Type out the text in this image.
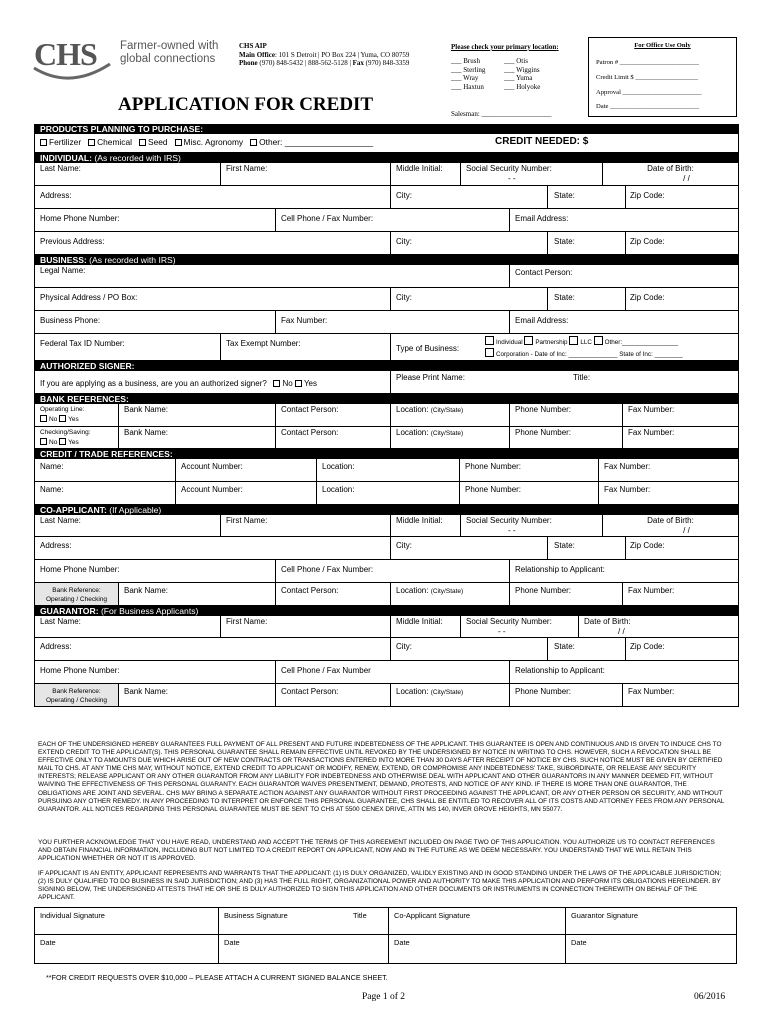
CHS Farmer-owned with
global connections
CHS AIP
Main Office: 101 S Detroit | PO Box 224 | Yuma, CO 80759
Phone (970) 848-5432 | 888-562-5128 | Fax (970) 848-3359
APPLICATION FOR CREDIT
Please check your primary location:
___ Brush
___ Sterling
___ Wray
___ Haxtun
___ Otis
___ Wiggins
___ Yuma
___ Holyoke
Salesman: ____________________
For Office Use Only
Patron # ________________________
Credit Limit $ ___________________
Approval ________________________
Date ___________________________
PRODUCTS PLANNING TO PURCHASE:
Fertilizer Chemical Seed Misc. Agronomy Other: ___________________	CREDIT NEEDED: $ ____________________________
INDIVIDUAL: (As recorded with IRS)
Last Name:	First Name:	Middle Initial:	Social Security Number:
- -
Date of Birth:
/ /
Address:	City:	State:	Zip Code:
Home Phone Number:	Cell Phone / Fax Number:	Email Address:
Previous Address:	City:	State:	Zip Code:
BUSINESS: (As recorded with IRS)
Legal Name:	Contact Person:
Physical Address / PO Box:	City:	State:	Zip Code:
Business Phone:	Fax Number:	Email Address:
Federal Tax ID Number:	Tax Exempt Number:
Type of Business:
Individual Partnership LLC Other:________________
Corporation - Date of Inc: ______________ State of Inc: ________
AUTHORIZED SIGNER:
If you are applying as a business, are you an authorized signer? No Yes
Please Print Name:	Title:
BANK REFERENCES:
Operating Line:
No Yes
Bank Name:	Contact Person:	Location: (City/State)	Phone Number:	Fax Number:
Checking/Saving:
No Yes
Bank Name:	Contact Person:	Location: (City/State)	Phone Number:	Fax Number:
CREDIT / TRADE REFERENCES:
Name:	Account Number:	Location:	Phone Number:	Fax Number:
Name:	Account Number:	Location:	Phone Number:	Fax Number:
CO-APPLICANT: (If Applicable)
Last Name:	First Name:	Middle Initial:	Social Security Number:
- -
Date of Birth:
/ /
Address:	City:	State:	Zip Code:
Home Phone Number:	Cell Phone / Fax Number:	Relationship to Applicant:
Bank Reference:
Operating / Checking
Bank Name:	Contact Person:	Location: (City/State)	Phone Number:	Fax Number:
GUARANTOR: (For Business Applicants)
Last Name:	First Name:	Middle Initial:	Social Security Number:
- -
Date of Birth:
/ /
Address:	City:	State:	Zip Code:
Home Phone Number:	Cell Phone / Fax Number	Relationship to Applicant:
Bank Reference:
Operating / Checking
Bank Name:	Contact Person:	Location: (City/State)	Phone Number:	Fax Number:
EACH OF THE UNDERSIGNED HEREBY GUARANTEES FULL PAYMENT OF ALL PRESENT AND FUTURE INDEBTEDNESS OF THE APPLICANT. THIS GUARANTEE IS OPEN AND CONTINUOUS AND IS GIVEN TO INDUCE CHS TO EXTEND CREDIT TO THE APPLICANT(S). THIS PERSONAL GUARANTEE SHALL REMAIN EFFECTIVE UNTIL REVOKED BY THE UNDERSIGNED BY NOTICE IN WRITING TO CHS. HOWEVER, SUCH A REVOCATION SHALL BE EFFECTIVE ONLY TO AMOUNTS DUE WHICH ARISE OUT OF NEW CONTRACTS OR TRANSACTIONS ENTERED INTO MORE THAN 30 DAYS AFTER RECEIPT OF NOTICE BY CHS. SUCH NOTICE MUST BE GIVEN BY CERTIFIED MAIL TO CHS. AT ANY TIME CHS MAY, WITHOUT NOTICE, EXTEND CREDIT TO APPLICANT OR MODIFY, RENEW, EXTEND, OR COMPROMISE ANY INDEBTEDNESS' TAKE, SUBORDINATE, OR RELEASE ANY SECURITY INTERESTS; RELEASE APPLICANT OR ANY OTHER GUARANTOR FROM ANY LIABILITY FOR INDEBTEDNESS AND OTHERWISE DEAL WITH APPLICANT AND OTHER GUARANTORS IN ANY MANNER DEEMED FIT, WITHOUT WAIVING THE EFFECTIVENESS OF THIS PERSONAL GUARANTY. EACH GUARANTOR WAIVES PRESENTMENT, DEMAND, PROTESTS, AND NOTICE OF ANY KIND. IF THERE IS MORE THAN ONE GUARANTOR, THE OBLIGATIONS ARE JOINT AND SEVERAL. CHS MAY BRING A SEPARATE ACTION AGAINST ANY GUARANTOR WITHOUT FIRST PROCEEDING AGAINST THE APPLICANT, OR ANY OTHER PERSON OR SECURITY, AND WITHOUT PURSUING ANY OTHER REMEDY. IN ANY PROCEEDING TO INTERPRET OR ENFORCE THIS PERSONAL GUARANTEE, CHS SHALL BE ENTITLED TO RECOVER ALL OF ITS COSTS AND ATTORNEY FEES FROM ANY PERSONAL GUARANTOR. ALL NOTICES REGARDING THIS PERSONAL GUARANTEE MUST BE SENT TO CHS AT 5500 CENEX DRIVE, ATTN MS 140, INVER GROVE HEIGHTS, MN 55077.
YOU FURTHER ACKNOWLEDGE THAT YOU HAVE READ, UNDERSTAND AND ACCEPT THE TERMS OF THIS AGREEMENT INCLUDED ON PAGE TWO OF THIS APPLICATION. YOU AUTHORIZE US TO CONTACT REFERENCES AND OBTAIN FINANCIAL INFORMATION, INCLUDING BUT NOT LIMITED TO A CREDIT REPORT ON APPLICANT, NOW AND IN THE FUTURE AS WE DEEM NECESSARY. YOU UNDERSTAND THAT WE WILL RETAIN THIS APPLICATION WHETHER OR NOT IT IS APPROVED.
IF APPLICANT IS AN ENTITY, APPLICANT REPRESENTS AND WARRANTS THAT THE APPLICANT: (1) IS DULY ORGANIZED, VALIDLY EXISTING AND IN GOOD STANDING UNDER THE LAWS OF THE APPLICABLE JURISDICTION; (2) IS DULY QUALIFIED TO DO BUSINESS IN SAID JURISDICTION; AND (3) HAS THE FULL RIGHT, ORGANIZATIONAL POWER AND AUTHORITY TO MAKE THIS APPLICATION AND PERFORM ITS OBLIGATIONS HEREUNDER. BY SIGNING BELOW, THE UNDERSIGNED ATTESTS THAT HE OR SHE IS DULY AUTHORIZED TO SIGN THIS APPLICATION AND OTHER DOCUMENTS OR INSTRUMENTS IN CONNECTION THEREWITH ON BEHALF OF THE APPLICANT.
Individual Signature	Business Signature	Title	Co-Applicant Signature	Guarantor Signature
Date	Date	Date	Date
**FOR CREDIT REQUESTS OVER $10,000 – PLEASE ATTACH A CURRENT SIGNED BALANCE SHEET.
Page 1 of 2	06/2016
